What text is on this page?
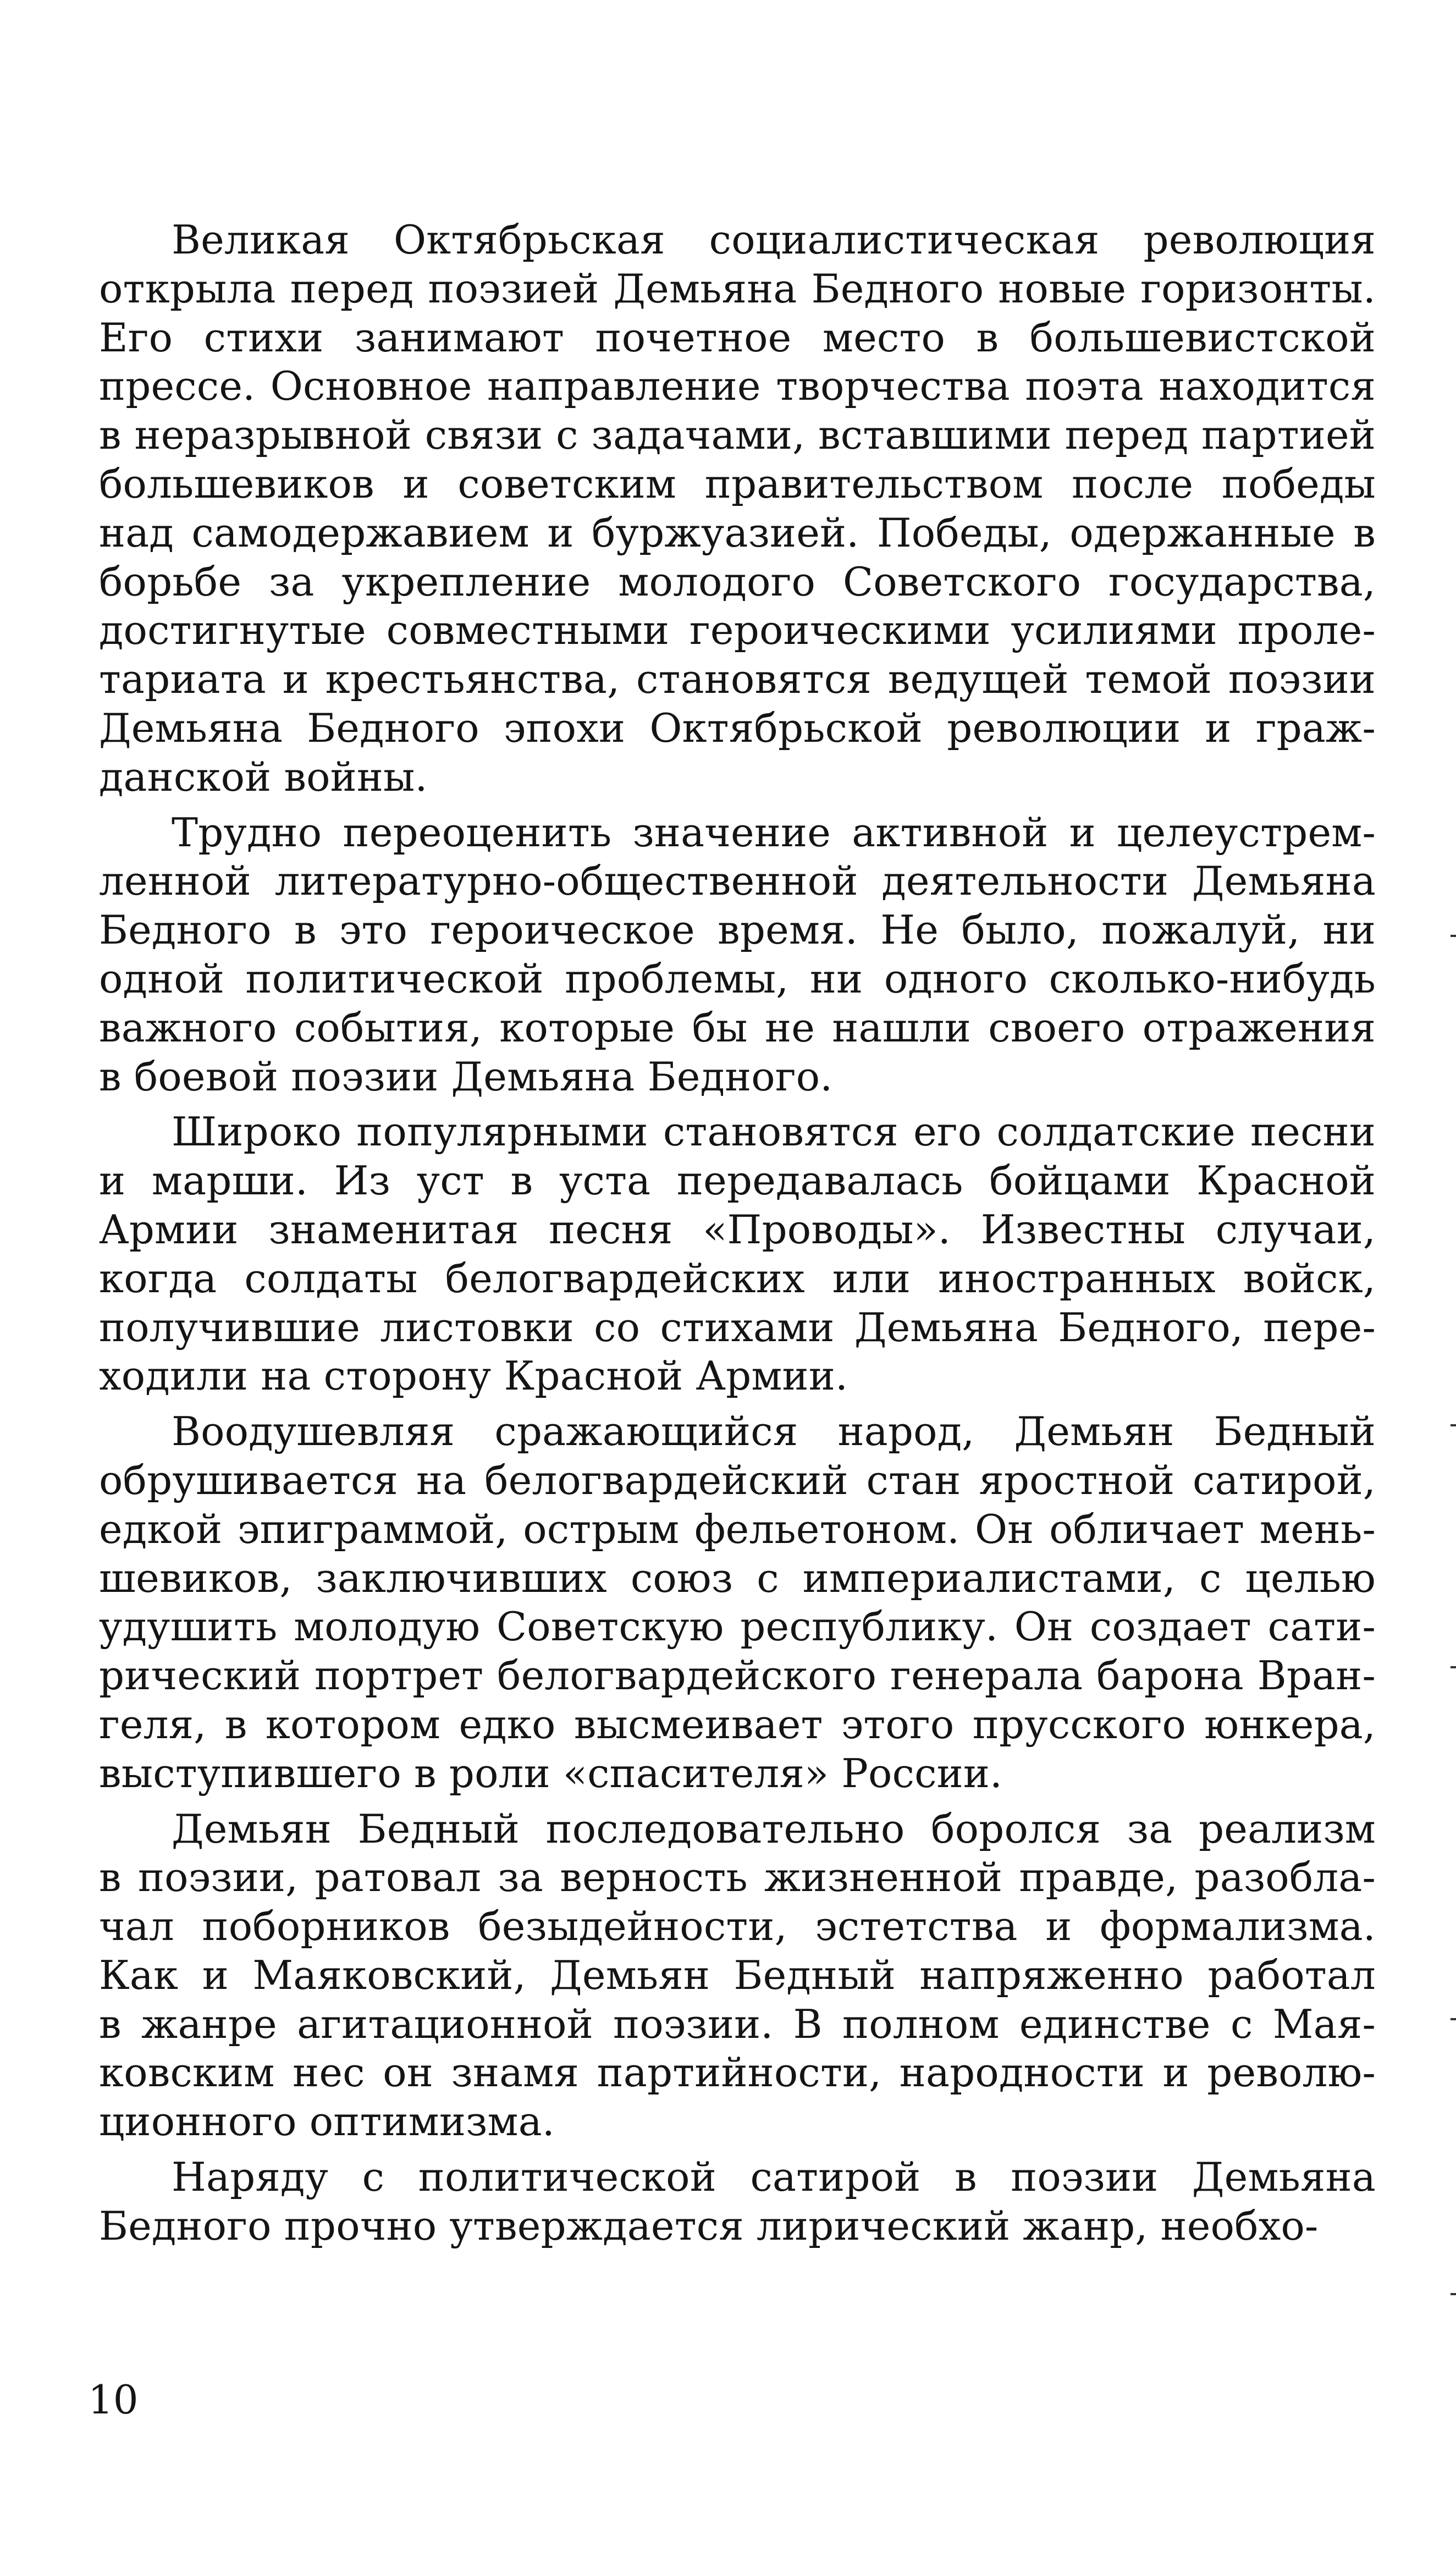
Великая Октябрьская социалистическая революция
открыла перед поэзией Демьяна Бедного новые горизонты.
Его стихи занимают почетное место в большевистской
прессе. Основное направление творчества поэта находится
в неразрывной связи с задачами, вставшими перед партией
большевиков и советским правительством после победы
над самодержавием и буржуазией. Победы, одержанные в
борьбе за укрепление молодого Советского государства,
достигнутые совместными героическими усилиями проле-
тариата и крестьянства, становятся ведущей темой поэзии
Демьяна Бедного эпохи Октябрьской революции и граж-
данской войны.
Трудно переоценить значение активной и целеустрем-
ленной литературно-общественной деятельности Демьяна
Бедного в это героическое время. Не было, пожалуй, ни
одной политической проблемы, ни одного сколько-нибудь
важного события, которые бы не нашли своего отражения
в боевой поэзии Демьяна Бедного.
Широко популярными становятся его солдатские песни
и марши. Из уст в уста передавалась бойцами Красной
Армии знаменитая песня «Проводы». Известны случаи,
когда солдаты белогвардейских или иностранных войск,
получившие листовки со стихами Демьяна Бедного, пере-
ходили на сторону Красной Армии.
Воодушевляя сражающийся народ, Демьян Бедный
обрушивается на белогвардейский стан яростной сатирой,
едкой эпиграммой, острым фельетоном. Он обличает мень-
шевиков, заключивших союз с империалистами, с целью
удушить молодую Советскую республику. Он создает сати-
рический портрет белогвардейского генерала барона Вран-
геля, в котором едко высмеивает этого прусского юнкера,
выступившего в роли «спасителя» России.
Демьян Бедный последовательно боролся за реализм
в поэзии, ратовал за верность жизненной правде, разобла-
чал поборников безыдейности, эстетства и формализма.
Как и Маяковский, Демьян Бедный напряженно работал
в жанре агитационной поэзии. В полном единстве с Мая-
ковским нес он знамя партийности, народности и револю-
ционного оптимизма.
Наряду с политической сатирой в поэзии Демьяна
Бедного прочно утверждается лирический жанр, необхо-
10
